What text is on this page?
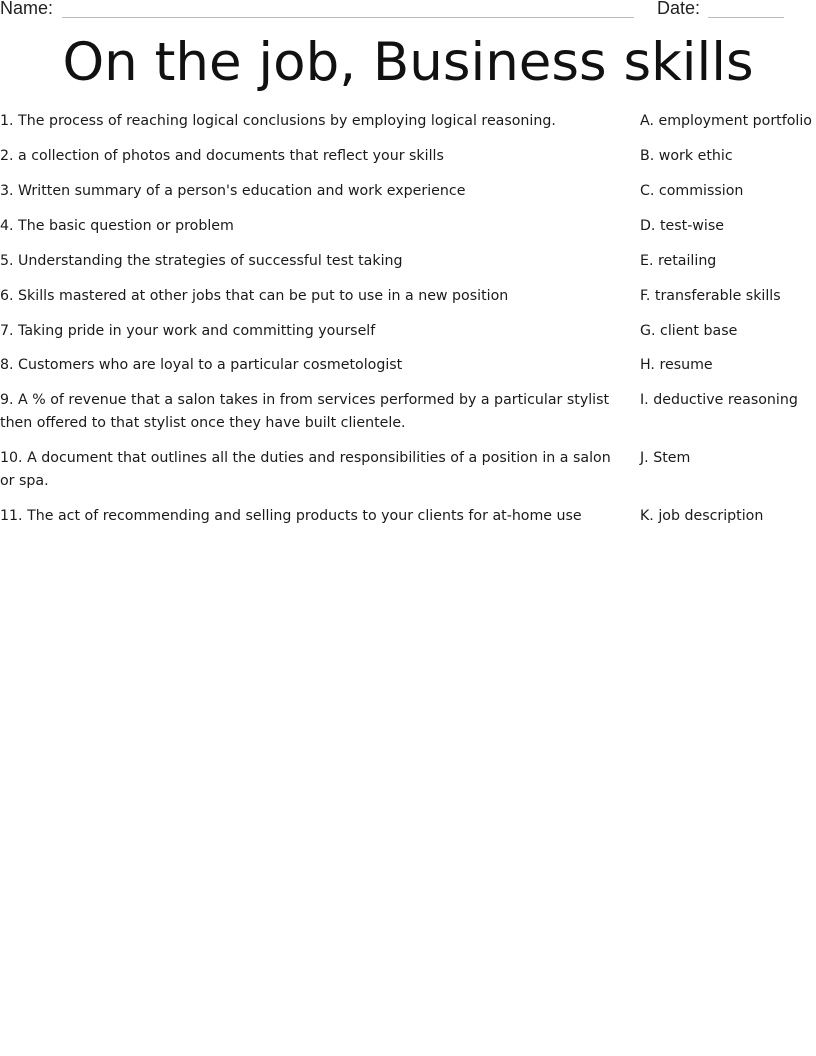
Name:	Date:
On the job, Business skills
1. The process of reaching logical conclusions by employing logical reasoning.
2. a collection of photos and documents that reflect your skills
3. Written summary of a person's education and work experience
4. The basic question or problem
5. Understanding the strategies of successful test taking
6. Skills mastered at other jobs that can be put to use in a new position
7. Taking pride in your work and committing yourself
8. Customers who are loyal to a particular cosmetologist
9. A % of revenue that a salon takes in from services performed by a particular stylist then offered to that stylist once they have built clientele.
10. A document that outlines all the duties and responsibilities of a position in a salon or spa.
11. The act of recommending and selling products to your clients for at-home use
A. employment portfolio
B. work ethic
C. commission
D. test-wise
E. retailing
F. transferable skills
G. client base
H. resume
I. deductive reasoning
J. Stem
K. job description
